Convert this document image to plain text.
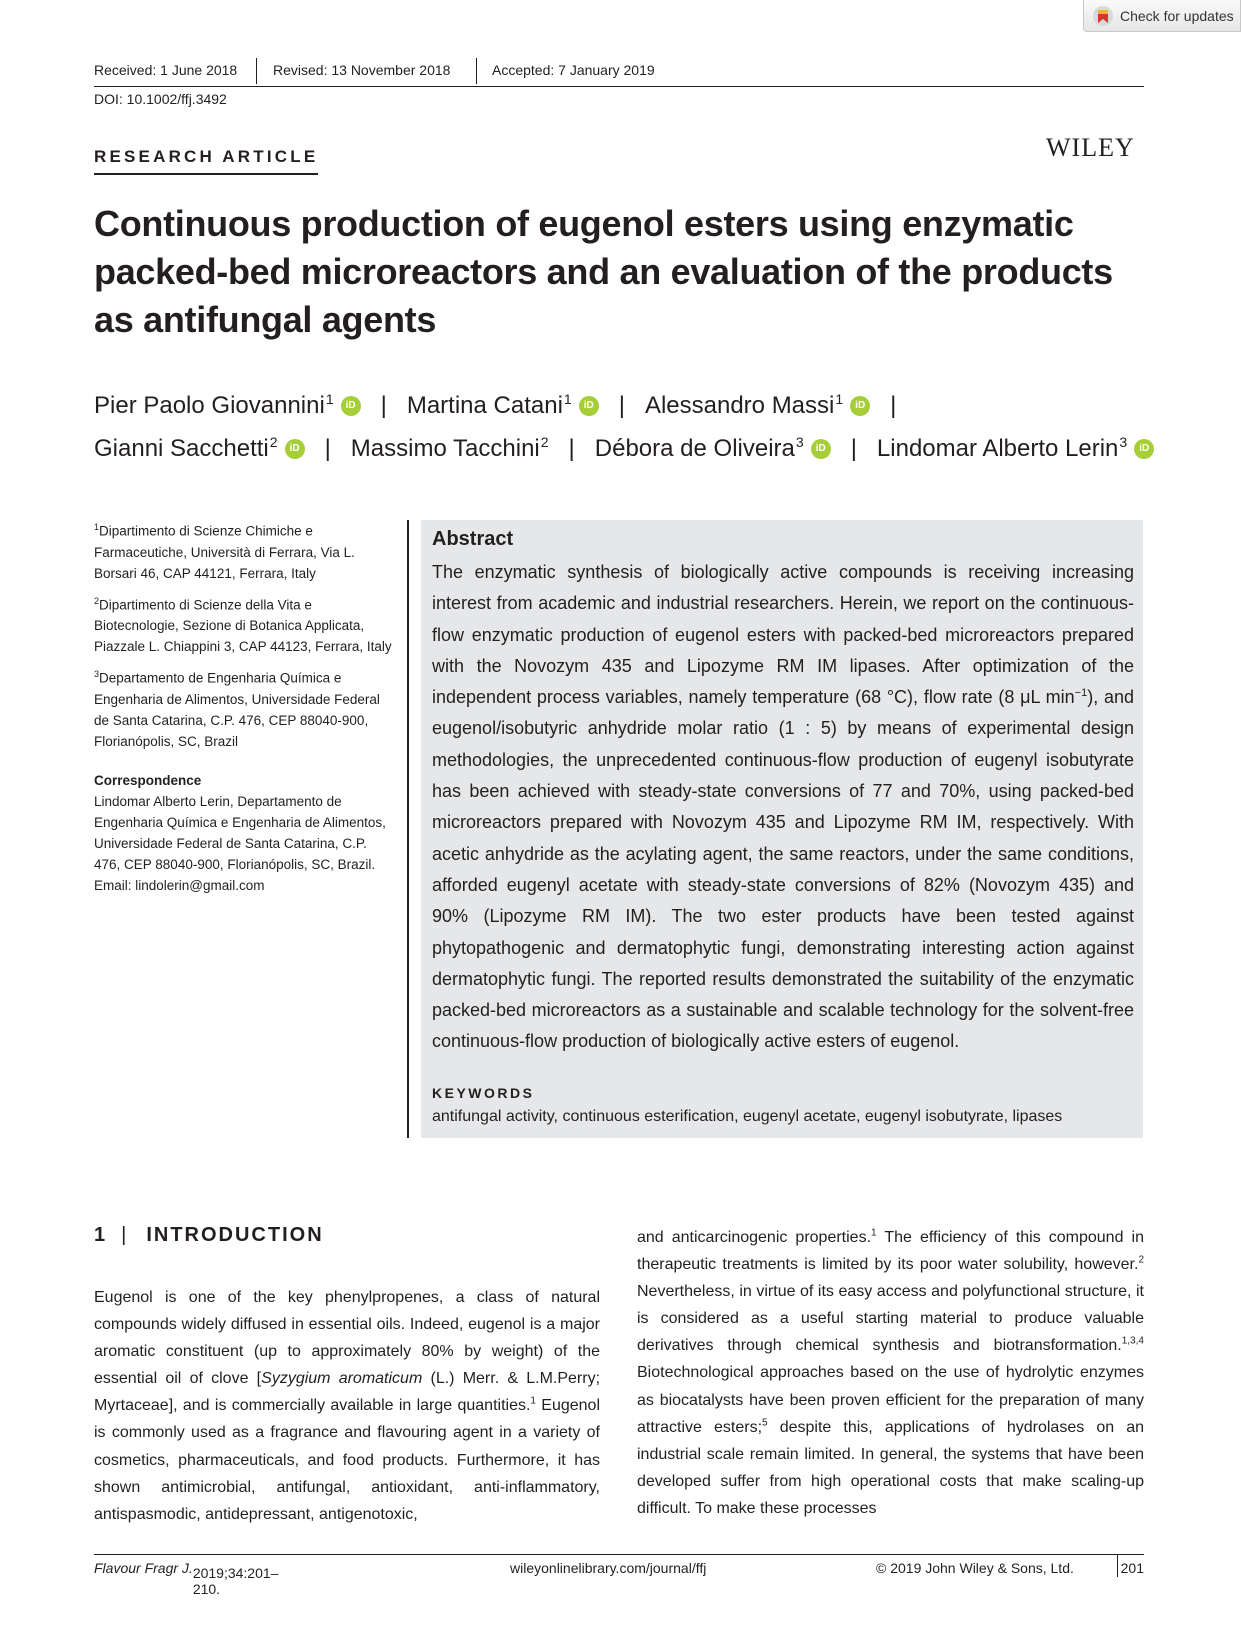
Check for updates
Received: 1 June 2018	Revised: 13 November 2018	Accepted: 7 January 2019
DOI: 10.1002/ffj.3492
RESEARCH ARTICLE	WILEY
Continuous production of eugenol esters using enzymatic packed-bed microreactors and an evaluation of the products as antifungal agents
Pier Paolo Giovannini$^1$	iD | Martina Catani$^1$	iD | Alessandro Massi$^1$	iD |
Gianni Sacchetti$^2$	iD | Massimo Tacchini$^2$ | Débora de Oliveira$^3$	iD | Lindomar Alberto Lerin$^3$	iD

$^1$Dipartimento di Scienze Chimiche e Farmaceutiche, Università di Ferrara, Via L. Borsari 46, CAP 44121, Ferrara, Italy

$^2$Dipartimento di Scienze della Vita e Biotecnologie, Sezione di Botanica Applicata, Piazzale L. Chiappini 3, CAP 44123, Ferrara, Italy

$^3$Departamento de Engenharia Química e Engenharia de Alimentos, Universidade Federal de Santa Catarina, C.P. 476, CEP 88040-900, Florianópolis, SC, Brazil

Correspondence
Lindomar Alberto Lerin, Departamento de Engenharia Química e Engenharia de Alimentos, Universidade Federal de Santa Catarina, C.P. 476, CEP 88040-900, Florianópolis, SC, Brazil.
Email: lindolerin@gmail.com
Abstract

The enzymatic synthesis of biologically active compounds is receiving increasing interest from academic and industrial researchers. Herein, we report on the continuous-flow enzymatic production of eugenol esters with packed-bed microreactors prepared with the Novozym 435 and Lipozyme RM IM lipases. After optimization of the independent process variables, namely temperature (68 °C), flow rate (8 μL $\min^{-1}$), and eugenol/isobutyric anhydride molar ratio (1 : 5) by means of experimental design methodologies, the unprecedented continuous-flow production of eugenyl isobutyrate has been achieved with steady-state conversions of 77 and 70%, using packed-bed microreactors prepared with Novozym 435 and Lipozyme RM IM, respectively. With acetic anhydride as the acylating agent, the same reactors, under the same conditions, afforded eugenyl acetate with steady-state conversions of 82% (Novozym 435) and 90% (Lipozyme RM IM). The two ester products have been tested against phytopathogenic and dermatophytic fungi, demonstrating interesting action against dermatophytic fungi. The reported results demonstrated the suitability of the enzymatic packed-bed microreactors as a sustainable and scalable technology for the solvent-free continuous-flow production of biologically active esters of eugenol.

KEYWORDS
antifungal activity, continuous esterification, eugenyl acetate, eugenyl isobutyrate, lipases
1 | INTRODUCTION

Eugenol is one of the key phenylpropenes, a class of natural compounds widely diffused in essential oils. Indeed, eugenol is a major aromatic constituent (up to approximately 80% by weight) of the essential oil of clove [Syzygium aromaticum (L.) Merr. & L.M.Perry; Myrtaceae], and is commercially available in large quantities.$^1$ Eugenol is commonly used as a fragrance and flavouring agent in a variety of cosmetics, pharmaceuticals, and food products. Furthermore, it has shown antimicrobial, antifungal, antioxidant, anti-inflammatory, antispasmodic, antidepressant, antigenotoxic,

and anticarcinogenic properties.$^1$ The efficiency of this compound in therapeutic treatments is limited by its poor water solubility, however.$^2$ Nevertheless, in virtue of its easy access and polyfunctional structure, it is considered as a useful starting material to produce valuable derivatives through chemical synthesis and biotransformation.$^{1,3,4}$ Biotechnological approaches based on the use of hydrolytic enzymes as biocatalysts have been proven efficient for the preparation of many attractive esters;$^5$ despite this, applications of hydrolases on an industrial scale remain limited. In general, the systems that have been developed suffer from high operational costs that make scaling-up difficult. To make these processes

Flavour Fragr J. 2019;34:201–210.
wileyonlinelibrary.com/journal/ffj	© 2019 John Wiley & Sons, Ltd.	201
